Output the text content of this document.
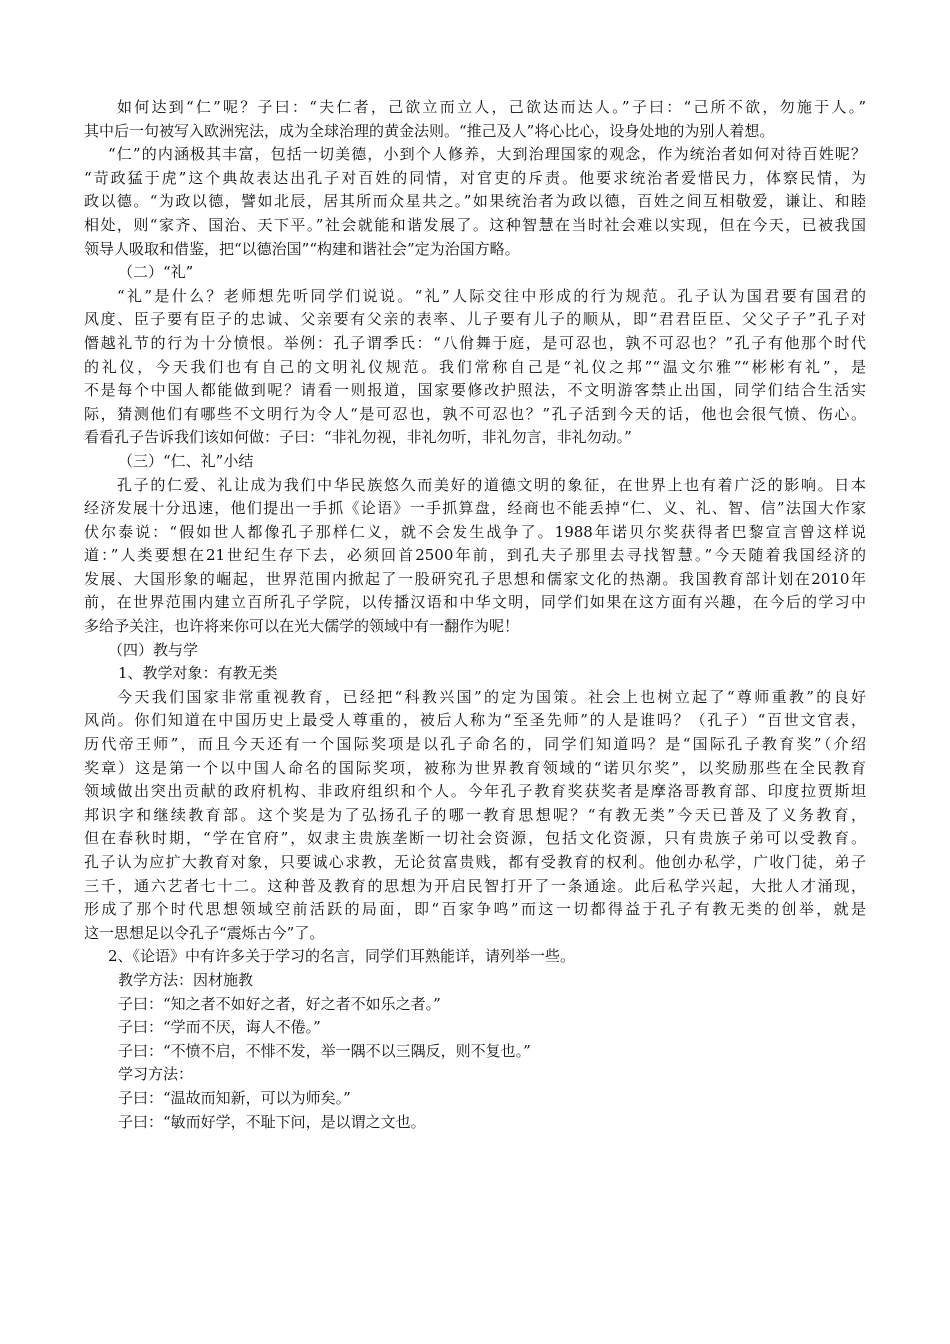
如何达到“仁”呢？子曰：“夫仁者，己欲立而立人，己欲达而达人。”子曰：“己所不欲，勿施于人。”

其中后一句被写入欧洲宪法，成为全球治理的黄金法则。“推己及人”将心比心，设身处地的为别人着想。

“仁”的内涵极其丰富，包括一切美德，小到个人修养，大到治理国家的观念，作为统治者如何对待百姓呢？

“苛政猛于虎”这个典故表达出孔子对百姓的同情，对官吏的斥责。他要求统治者爱惜民力，体察民情，为

政以德。“为政以德，譬如北辰，居其所而众星共之。”如果统治者为政以德，百姓之间互相敬爱，谦让、和睦

相处，则“家齐、国治、天下平。”社会就能和谐发展了。这种智慧在当时社会难以实现，但在今天，已被我国

领导人吸取和借鉴，把“以德治国”“构建和谐社会”定为治国方略。

（二）“礼”

“礼”是什么？老师想先听同学们说说。“礼”人际交往中形成的行为规范。孔子认为国君要有国君的

风度、臣子要有臣子的忠诚、父亲要有父亲的表率、儿子要有儿子的顺从，即“君君臣臣、父父子子”孔子对

僭越礼节的行为十分愤恨。举例：孔子谓季氏：“八佾舞于庭，是可忍也，孰不可忍也？”孔子有他那个时代

的礼仪，今天我们也有自己的文明礼仪规范。我们常称自己是“礼仪之邦”“温文尔雅”“彬彬有礼”，是

不是每个中国人都能做到呢？请看一则报道，国家要修改护照法，不文明游客禁止出国，同学们结合生活实

际，猜测他们有哪些不文明行为令人“是可忍也，孰不可忍也？”孔子活到今天的话，他也会很气愤、伤心。

看看孔子告诉我们该如何做：子曰：“非礼勿视，非礼勿听，非礼勿言，非礼勿动。”

（三）“仁、礼”小结

孔子的仁爱、礼让成为我们中华民族悠久而美好的道德文明的象征，在世界上也有着广泛的影响。日本

经济发展十分迅速，他们提出一手抓《论语》一手抓算盘，经商也不能丢掉“仁、义、礼、智、信”法国大作家

伏尔泰说：“假如世人都像孔子那样仁义，就不会发生战争了。1988年诺贝尔奖获得者巴黎宣言曾这样说

道：”人类要想在21世纪生存下去，必须回首2500年前，到孔夫子那里去寻找智慧。”今天随着我国经济的

发展、大国形象的崛起，世界范围内掀起了一股研究孔子思想和儒家文化的热潮。我国教育部计划在2010年

前，在世界范围内建立百所孔子学院，以传播汉语和中华文明，同学们如果在这方面有兴趣，在今后的学习中

多给予关注，也许将来你可以在光大儒学的领域中有一翻作为呢！

（四）教与学

1、教学对象：有教无类

今天我们国家非常重视教育，已经把“科教兴国”的定为国策。社会上也树立起了“尊师重教”的良好

风尚。你们知道在中国历史上最受人尊重的，被后人称为“至圣先师”的人是谁吗？（孔子）“百世文官表，

历代帝王师”，而且今天还有一个国际奖项是以孔子命名的，同学们知道吗？是“国际孔子教育奖”（介绍

奖章）这是第一个以中国人命名的国际奖项，被称为世界教育领域的“诺贝尔奖”，以奖励那些在全民教育

领域做出突出贡献的政府机构、非政府组织和个人。今年孔子教育奖获奖者是摩洛哥教育部、印度拉贾斯坦

邦识字和继续教育部。这个奖是为了弘扬孔子的哪一教育思想呢？“有教无类”今天已普及了义务教育，

但在春秋时期，“学在官府”，奴隶主贵族垄断一切社会资源，包括文化资源，只有贵族子弟可以受教育。

孔子认为应扩大教育对象，只要诚心求教，无论贫富贵贱，都有受教育的权利。他创办私学，广收门徒，弟子

三千，通六艺者七十二。这种普及教育的思想为开启民智打开了一条通途。此后私学兴起，大批人才涌现，

形成了那个时代思想领域空前活跃的局面，即“百家争鸣”而这一切都得益于孔子有教无类的创举，就是

这一思想足以令孔子“震烁古今”了。

2、《论语》中有许多关于学习的名言，同学们耳熟能详，请列举一些。

教学方法：因材施教

子曰：“知之者不如好之者，好之者不如乐之者。”

子曰：“学而不厌，诲人不倦。”

子曰：“不愤不启，不悱不发，举一隅不以三隅反，则不复也。”

学习方法：

子曰：“温故而知新，可以为师矣。”

子曰：“敏而好学，不耻下问，是以谓之文也。
